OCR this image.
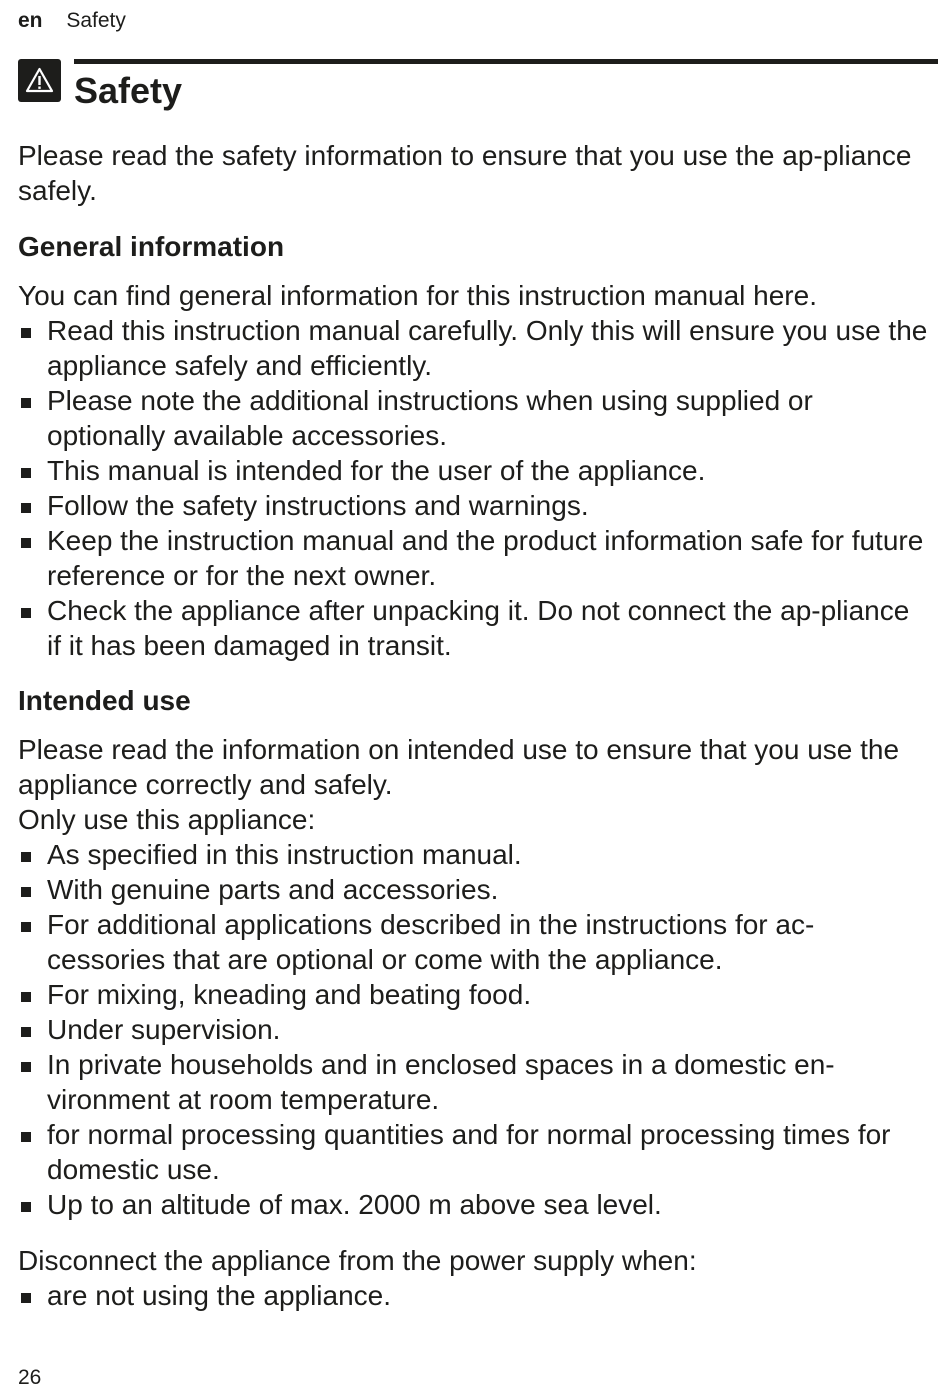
en Safety
Safety

Please read the safety information to ensure that you use the ap-pliance safely.

General information

You can find general information for this instruction manual here.

Read this instruction manual carefully. Only this will ensure you use the appliance safely and efficiently.
Please note the additional instructions when using supplied or optionally available accessories.
This manual is intended for the user of the appliance.
Follow the safety instructions and warnings.
Keep the instruction manual and the product information safe for future reference or for the next owner.
Check the appliance after unpacking it. Do not connect the ap-pliance if it has been damaged in transit.
Intended use

Please read the information on intended use to ensure that you use the appliance correctly and safely.

Only use this appliance:

As specified in this instruction manual.
With genuine parts and accessories.
For additional applications described in the instructions for ac-cessories that are optional or come with the appliance.
For mixing, kneading and beating food.
Under supervision.
In private households and in enclosed spaces in a domestic en-vironment at room temperature.
for normal processing quantities and for normal processing times for domestic use.
Up to an altitude of max. 2000 m above sea level.

Disconnect the appliance from the power supply when:

are not using the appliance.
26
